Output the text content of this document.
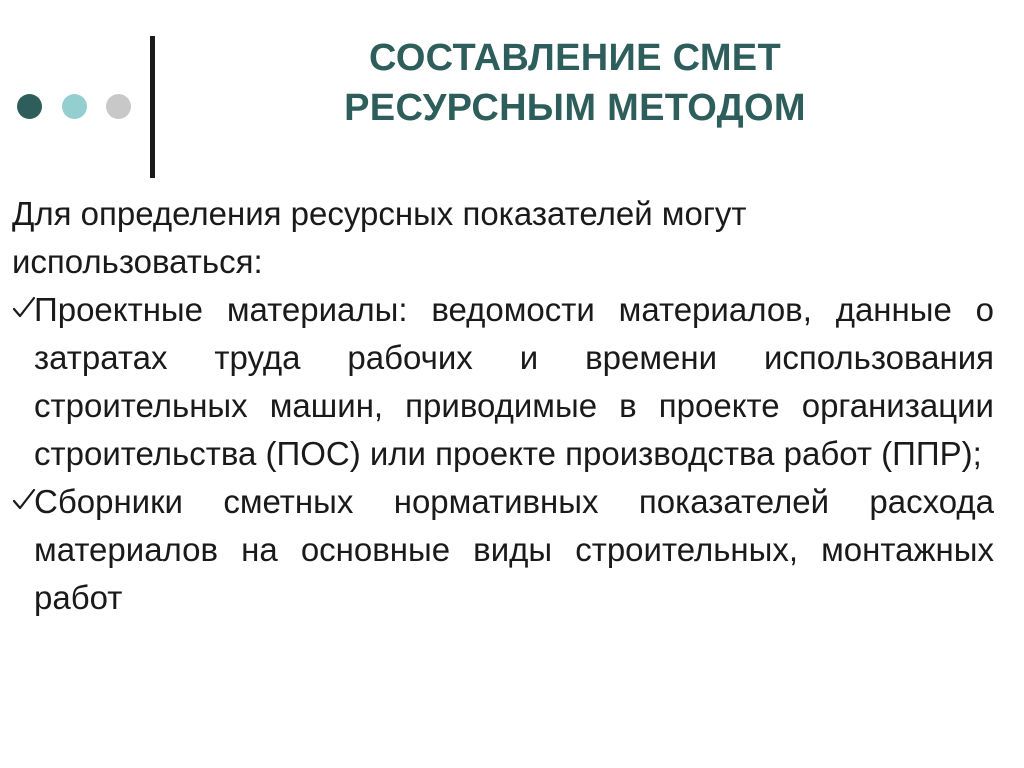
СОСТАВЛЕНИЕ СМЕТ
РЕСУРСНЫМ МЕТОДОМ

Для определения ресурсных показателей могут использоваться:

Проектные материалы: ведомости материалов, данные о затратах труда рабочих и времени использования строительных машин, приводимые в проекте организации строительства (ПОС) или проекте производства работ (ППР);

Сборники сметных нормативных показателей расхода материалов на основные виды строительных, монтажных работ
